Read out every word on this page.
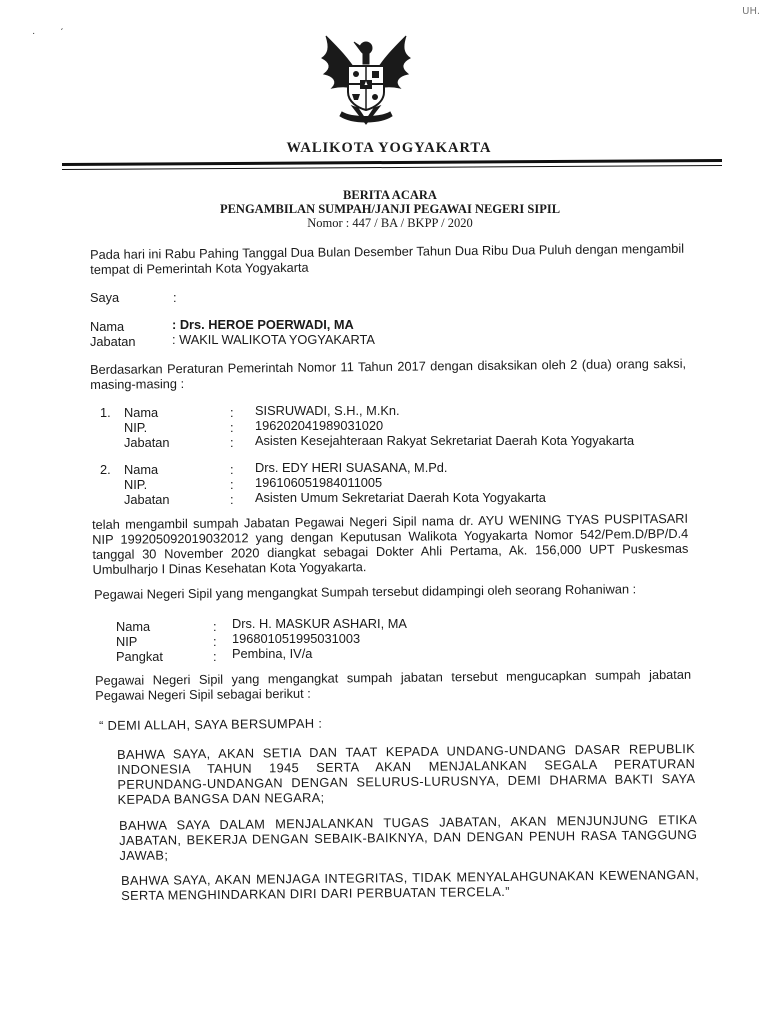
UH.
·
ˏ
WALIKOTA YOGYAKARTA
BERITA ACARA
PENGAMBILAN SUMPAH/JANJI PEGAWAI NEGERI SIPIL
Nomor : 447 / BA / BKPP / 2020
Pada hari ini Rabu Pahing Tanggal Dua Bulan Desember Tahun Dua Ribu Dua Puluh dengan mengambil tempat di Pemerintah Kota Yogyakarta
Saya	:
Nama	: Drs. HEROE POERWADI, MA
Jabatan	: WAKIL WALIKOTA YOGYAKARTA
Berdasarkan Peraturan Pemerintah Nomor 11 Tahun 2017 dengan disaksikan oleh 2 (dua) orang saksi, masing-masing :
1. Nama	: SISRUWADI, S.H., M.Kn.
NIP.	: 196202041989031020
Jabatan	: Asisten Kesejahteraan Rakyat Sekretariat Daerah Kota Yogyakarta
2. Nama	: Drs. EDY HERI SUASANA, M.Pd.
NIP.	: 196106051984011005
Jabatan	: Asisten Umum Sekretariat Daerah Kota Yogyakarta
telah mengambil sumpah Jabatan Pegawai Negeri Sipil nama dr. AYU WENING TYAS PUSPITASARI NIP 199205092019032012 yang dengan Keputusan Walikota Yogyakarta Nomor 542/Pem.D/BP/D.4 tanggal 30 November 2020 diangkat sebagai Dokter Ahli Pertama, Ak. 156,000 UPT Puskesmas Umbulharjo I Dinas Kesehatan Kota Yogyakarta.
Pegawai Negeri Sipil yang mengangkat Sumpah tersebut didampingi oleh seorang Rohaniwan :
Nama	: Drs. H. MASKUR ASHARI, MA
NIP	: 196801051995031003
Pangkat	: Pembina, IV/a
Pegawai Negeri Sipil yang mengangkat sumpah jabatan tersebut mengucapkan sumpah jabatan Pegawai Negeri Sipil sebagai berikut :
“ DEMI ALLAH, SAYA BERSUMPAH :
BAHWA SAYA, AKAN SETIA DAN TAAT KEPADA UNDANG-UNDANG DASAR REPUBLIK INDONESIA TAHUN 1945 SERTA AKAN MENJALANKAN SEGALA PERATURAN PERUNDANG-UNDANGAN DENGAN SELURUS-LURUSNYA, DEMI DHARMA BAKTI SAYA KEPADA BANGSA DAN NEGARA;
BAHWA SAYA DALAM MENJALANKAN TUGAS JABATAN, AKAN MENJUNJUNG ETIKA JABATAN, BEKERJA DENGAN SEBAIK-BAIKNYA, DAN DENGAN PENUH RASA TANGGUNG JAWAB;
BAHWA SAYA, AKAN MENJAGA INTEGRITAS, TIDAK MENYALAHGUNAKAN KEWENANGAN, SERTA MENGHINDARKAN DIRI DARI PERBUATAN TERCELA.”
